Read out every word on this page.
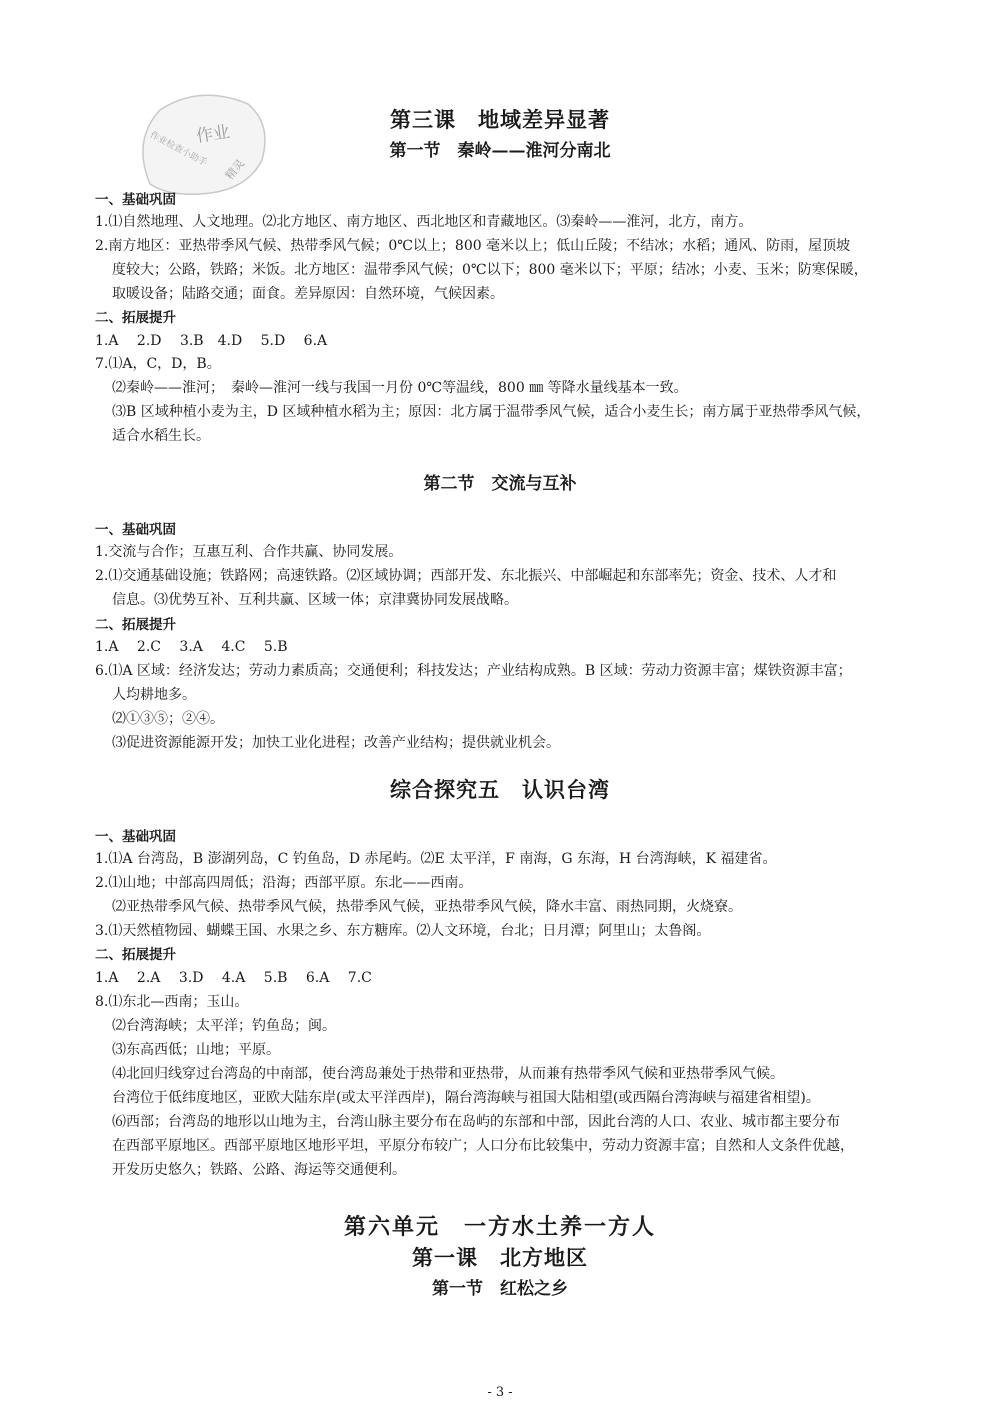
作业
作业检查小助手
精灵
第三课　地域差异显著
第一节　秦岭——淮河分南北
一、基础巩固
1.⑴自然地理、人文地理。⑵北方地区、南方地区、西北地区和青藏地区。⑶秦岭——淮河，北方，南方。
2.南方地区：亚热带季风气候、热带季风气候；0℃以上；800 毫米以上；低山丘陵；不结冰；水稻；通风、防雨，屋顶坡
度较大；公路，铁路；米饭。北方地区：温带季风气候；0℃以下；800 毫米以下；平原；结冰；小麦、玉米；防寒保暖，
取暖设备；陆路交通；面食。差异原因：自然环境，气候因素。
二、拓展提升
1.A　 2.D　 3.B　4.D　 5.D　 6.A
7.⑴A，C，D，B。
⑵秦岭——淮河；　秦岭—淮河一线与我国一月份 0℃等温线，800 ㎜ 等降水量线基本一致。
⑶B 区域种植小麦为主，D 区域种植水稻为主；原因：北方属于温带季风气候，适合小麦生长；南方属于亚热带季风气候，
适合水稻生长。
第二节　交流与互补
一、基础巩固
1.交流与合作；互惠互利、合作共赢、协同发展。
2.⑴交通基础设施；铁路网；高速铁路。⑵区域协调；西部开发、东北振兴、中部崛起和东部率先；资金、技术、人才和
信息。⑶优势互补、互利共赢、区域一体；京津冀协同发展战略。
二、拓展提升
1.A　 2.C　 3.A　 4.C　 5.B
6.⑴A 区域：经济发达；劳动力素质高；交通便利；科技发达；产业结构成熟。B 区域：劳动力资源丰富；煤铁资源丰富；
人均耕地多。
⑵①③⑤；②④。
⑶促进资源能源开发；加快工业化进程；改善产业结构；提供就业机会。
综合探究五　认识台湾
一、基础巩固
1.⑴A 台湾岛，B 澎湖列岛，C 钓鱼岛，D 赤尾屿。⑵E 太平洋，F 南海，G 东海，H 台湾海峡，K 福建省。
2.⑴山地；中部高四周低；沿海；西部平原。东北——西南。
⑵亚热带季风气候、热带季风气候，热带季风气候，亚热带季风气候，降水丰富、雨热同期，火烧寮。
3.⑴天然植物园、蝴蝶王国、水果之乡、东方糖库。⑵人文环境，台北；日月潭；阿里山；太鲁阁。
二、拓展提升
1.A　 2.A　 3.D　 4.A　 5.B　 6.A　 7.C
8.⑴东北—西南；玉山。
⑵台湾海峡；太平洋；钓鱼岛；闽。
⑶东高西低；山地；平原。
⑷北回归线穿过台湾岛的中南部，使台湾岛兼处于热带和亚热带，从而兼有热带季风气候和亚热带季风气候。
台湾位于低纬度地区，亚欧大陆东岸(或太平洋西岸)，隔台湾海峡与祖国大陆相望(或西隔台湾海峡与福建省相望)。
⑹西部；台湾岛的地形以山地为主，台湾山脉主要分布在岛屿的东部和中部，因此台湾的人口、农业、城市都主要分布
在西部平原地区。西部平原地区地形平坦，平原分布较广；人口分布比较集中，劳动力资源丰富；自然和人文条件优越，
开发历史悠久；铁路、公路、海运等交通便利。
第六单元　一方水土养一方人
第一课　北方地区
第一节　红松之乡
- 3 -
